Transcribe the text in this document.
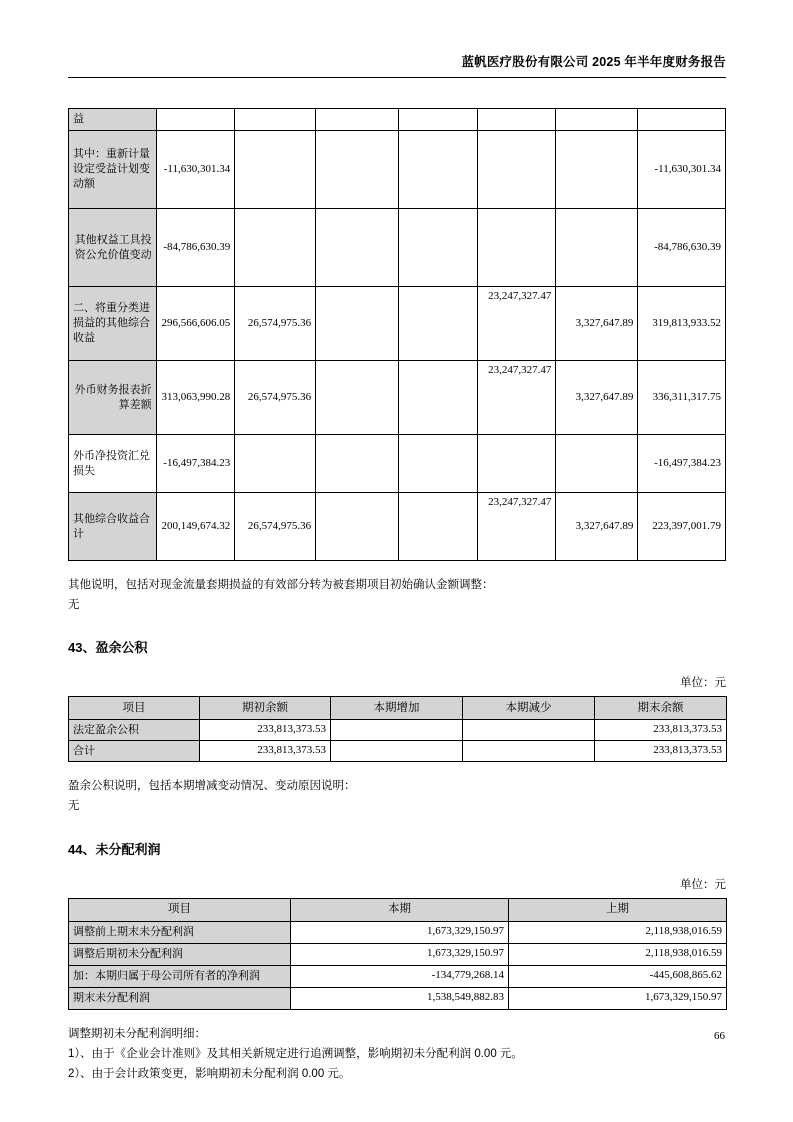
蓝帆医疗股份有限公司 2025 年半年度财务报告
益							
其中：重新计量设定受益计划变动额	-11,630,301.34						-11,630,301.34
其他权益工具投资公允价值变动	-84,786,630.39						-84,786,630.39
二、将重分类进损益的其他综合收益	296,566,606.05	26,574,975.36			23,247,327.47	3,327,647.89	319,813,933.52
外币财务报表折算差额	313,063,990.28	26,574,975.36			23,247,327.47	3,327,647.89	336,311,317.75
外币净投资汇兑损失	-16,497,384.23						-16,497,384.23
其他综合收益合计	200,149,674.32	26,574,975.36			23,247,327.47	3,327,647.89	223,397,001.79

其他说明，包括对现金流量套期损益的有效部分转为被套期项目初始确认金额调整：

无

43、盈余公积

单位：元

项目	期初余额	本期增加	本期减少	期末余额
法定盈余公积	233,813,373.53			233,813,373.53
合计	233,813,373.53			233,813,373.53

盈余公积说明，包括本期增减变动情况、变动原因说明：

无

44、未分配利润

单位：元

项目	本期	上期
调整前上期末未分配利润	1,673,329,150.97	2,118,938,016.59
调整后期初未分配利润	1,673,329,150.97	2,118,938,016.59
加：本期归属于母公司所有者的净利润	-134,779,268.14	-445,608,865.62
期末未分配利润	1,538,549,882.83	1,673,329,150.97

调整期初未分配利润明细：

1）、由于《企业会计准则》及其相关新规定进行追溯调整，影响期初未分配利润 0.00 元。

2）、由于会计政策变更，影响期初未分配利润 0.00 元。

66
